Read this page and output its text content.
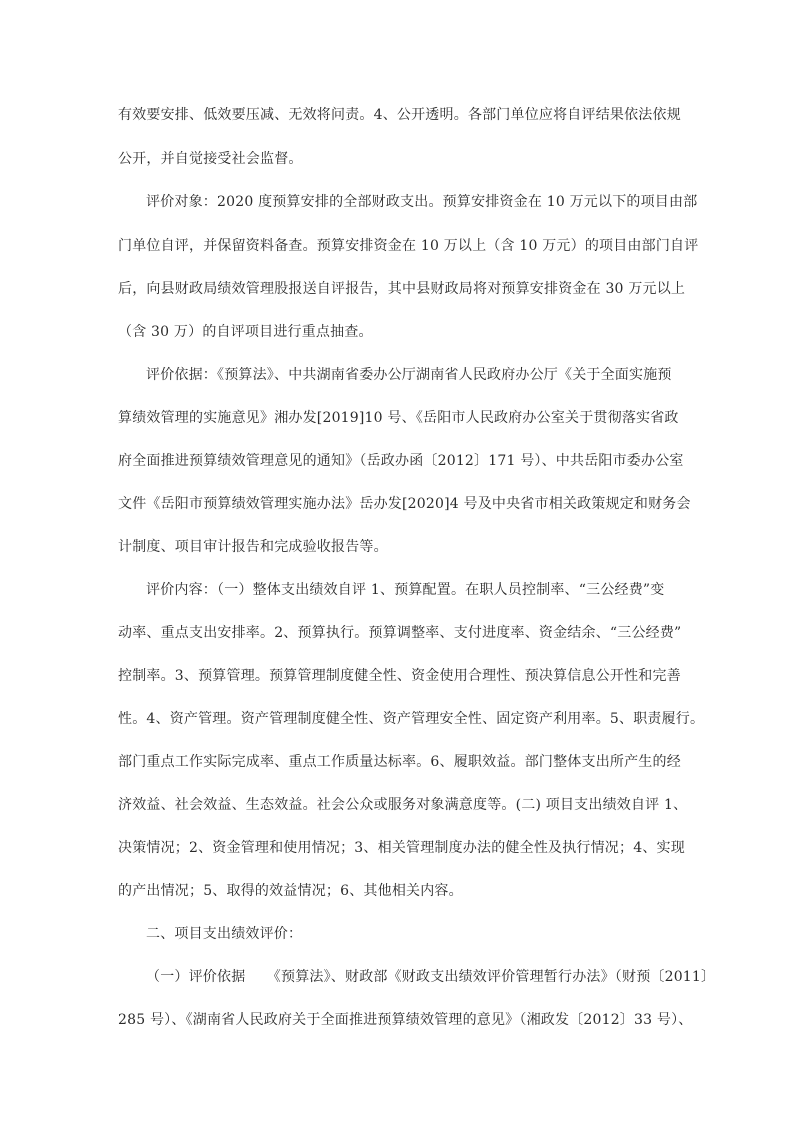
有效要安排、低效要压减、无效将问责。4、公开透明。各部门单位应将自评结果依法依规
公开，并自觉接受社会监督。
评价对象：2020 度预算安排的全部财政支出。预算安排资金在 10 万元以下的项目由部
门单位自评，并保留资料备查。预算安排资金在 10 万以上（含 10 万元）的项目由部门自评
后，向县财政局绩效管理股报送自评报告，其中县财政局将对预算安排资金在 30 万元以上
（含 30 万）的自评项目进行重点抽查。
评价依据：《预算法》、中共湖南省委办公厅湖南省人民政府办公厅《关于全面实施预
算绩效管理的实施意见》湘办发[2019]10 号、《岳阳市人民政府办公室关于贯彻落实省政
府全面推进预算绩效管理意见的通知》（岳政办函〔2012〕171 号）、中共岳阳市委办公室
文件《岳阳市预算绩效管理实施办法》岳办发[2020]4 号及中央省市相关政策规定和财务会
计制度、项目审计报告和完成验收报告等。
评价内容：（一）整体支出绩效自评 1、预算配置。在职人员控制率、“三公经费”变
动率、重点支出安排率。2、预算执行。预算调整率、支付进度率、资金结余、“三公经费”
控制率。3、预算管理。预算管理制度健全性、资金使用合理性、预决算信息公开性和完善
性。4、资产管理。资产管理制度健全性、资产管理安全性、固定资产利用率。5、职责履行。
部门重点工作实际完成率、重点工作质量达标率。6、履职效益。部门整体支出所产生的经
济效益、社会效益、生态效益。社会公众或服务对象满意度等。(二) 项目支出绩效自评 1、
决策情况；2、资金管理和使用情况；3、相关管理制度办法的健全性及执行情况；4、实现
的产出情况；5、取得的效益情况；6、其他相关内容。
二、项目支出绩效评价：
（一）评价依据　　《预算法》、财政部《财政支出绩效评价管理暂行办法》（财预〔2011〕
285 号）、《湖南省人民政府关于全面推进预算绩效管理的意见》（湘政发〔2012〕33 号）、
